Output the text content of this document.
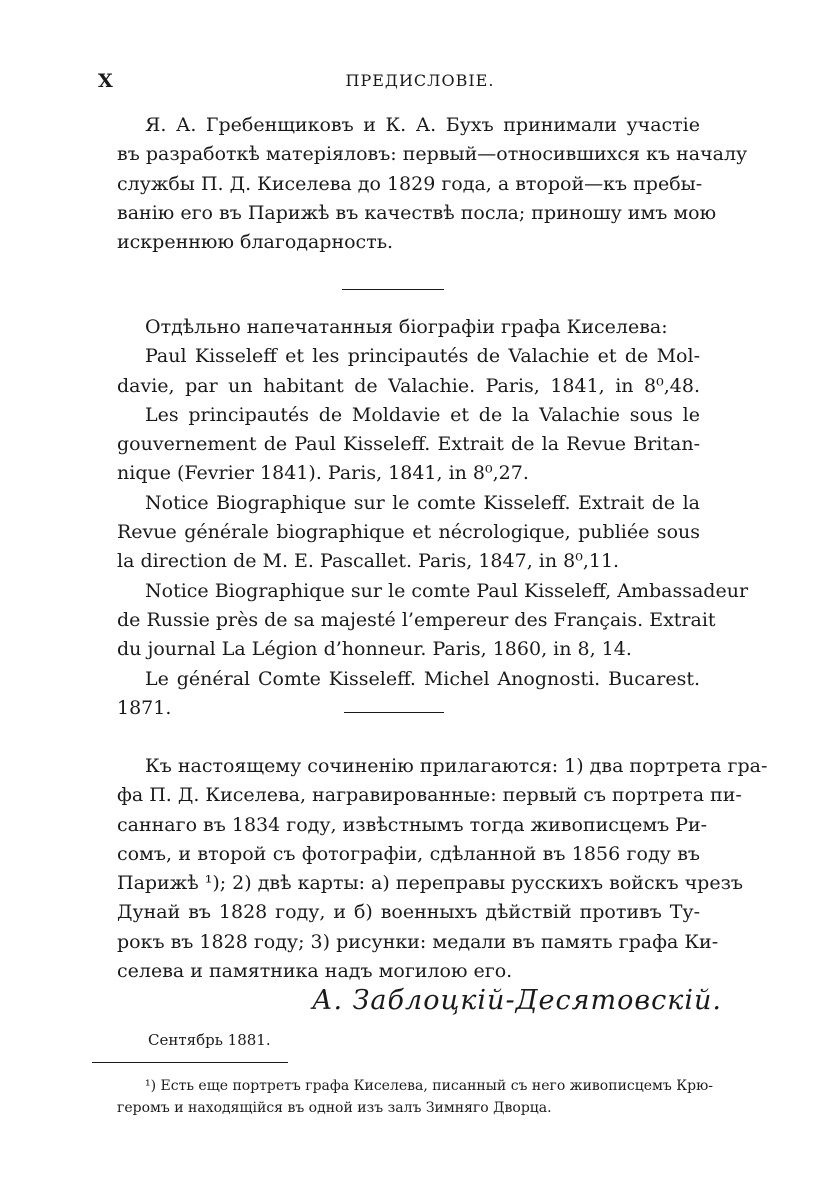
X	ПРЕДИСЛОВІЕ.
Я. А. Гребенщиковъ и К. А. Бухъ принимали участіе
въ разработкѣ матеріяловъ: первый—относившихся къ началу
службы П. Д. Киселева до 1829 года, а второй—къ пребы-
ванію его въ Парижѣ въ качествѣ посла; приношу имъ мою
искреннюю благодарность.
Отдѣльно напечатанныя біографіи графа Киселева:
Paul Kisseleff et les principautés de Valachie et de Mol-
davie, par un habitant de Valachie. Paris, 1841, in 8⁰,48.
Les principautés de Moldavie et de la Valachie sous le
gouvernement de Paul Kisseleff. Extrait de la Revue Britan-
nique (Fevrier 1841). Paris, 1841, in 8⁰,27.
Notice Biographique sur le comte Kisseleff. Extrait de la
Revue générale biographique et nécrologique, publiée sous
la direction de M. E. Pascallet. Paris, 1847, in 8⁰,11.
Notice Biographique sur le comte Paul Kisseleff, Ambassadeur
de Russie près de sa majesté l’empereur des Français. Extrait
du journal La Légion d’honneur. Paris, 1860, in 8, 14.
Le général Comte Kisseleff. Michel Anognosti. Bucarest.
1871.
Къ настоящему сочиненію прилагаются: 1) два портрета гра-
фа П. Д. Киселева, награвированные: первый съ портрета пи-
саннаго въ 1834 году, извѣстнымъ тогда живописцемъ Ри-
сомъ, и второй съ фотографіи, сдѣланной въ 1856 году въ
Парижѣ ¹); 2) двѣ карты: а) переправы русскихъ войскъ чрезъ
Дунай въ 1828 году, и б) военныхъ дѣйствій противъ Ту-
рокъ въ 1828 году; 3) рисунки: медали въ память графа Ки-
селева и памятника надъ могилою его.
А. Заблоцкій-Десятовскій.
Сентябрь 1881.
¹) Есть еще портретъ графа Киселева, писанный съ него живописцемъ Крю-
геромъ и находящійся въ одной изъ залъ Зимняго Дворца.
